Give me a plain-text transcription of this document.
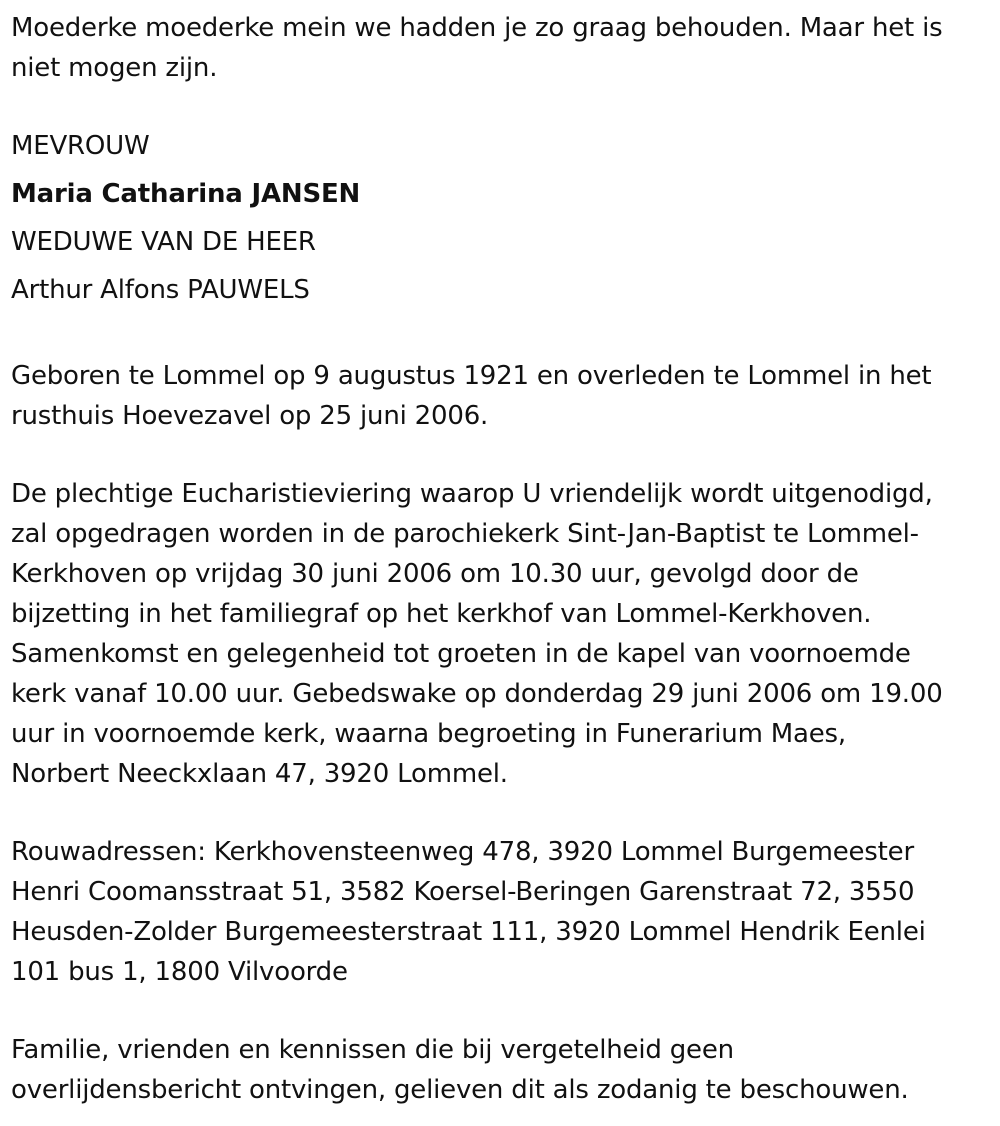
Moederke moederke mein we hadden je zo graag behouden. Maar het is
niet mogen zijn.

MEVROUW
Maria Catharina JANSEN
WEDUWE VAN DE HEER
Arthur Alfons PAUWELS

Geboren te Lommel op 9 augustus 1921 en overleden te Lommel in het
rusthuis Hoevezavel op 25 juni 2006.

De plechtige Eucharistieviering waarop U vriendelijk wordt uitgenodigd,
zal opgedragen worden in de parochiekerk Sint-Jan-Baptist te Lommel-
Kerkhoven op vrijdag 30 juni 2006 om 10.30 uur, gevolgd door de
bijzetting in het familiegraf op het kerkhof van Lommel-Kerkhoven.
Samenkomst en gelegenheid tot groeten in de kapel van voornoemde
kerk vanaf 10.00 uur. Gebedswake op donderdag 29 juni 2006 om 19.00
uur in voornoemde kerk, waarna begroeting in Funerarium Maes,
Norbert Neeckxlaan 47, 3920 Lommel.

Rouwadressen: Kerkhovensteenweg 478, 3920 Lommel Burgemeester
Henri Coomansstraat 51, 3582 Koersel-Beringen Garenstraat 72, 3550
Heusden-Zolder Burgemeesterstraat 111, 3920 Lommel Hendrik Eenlei
101 bus 1, 1800 Vilvoorde

Familie, vrienden en kennissen die bij vergetelheid geen
overlijdensbericht ontvingen, gelieven dit als zodanig te beschouwen.
